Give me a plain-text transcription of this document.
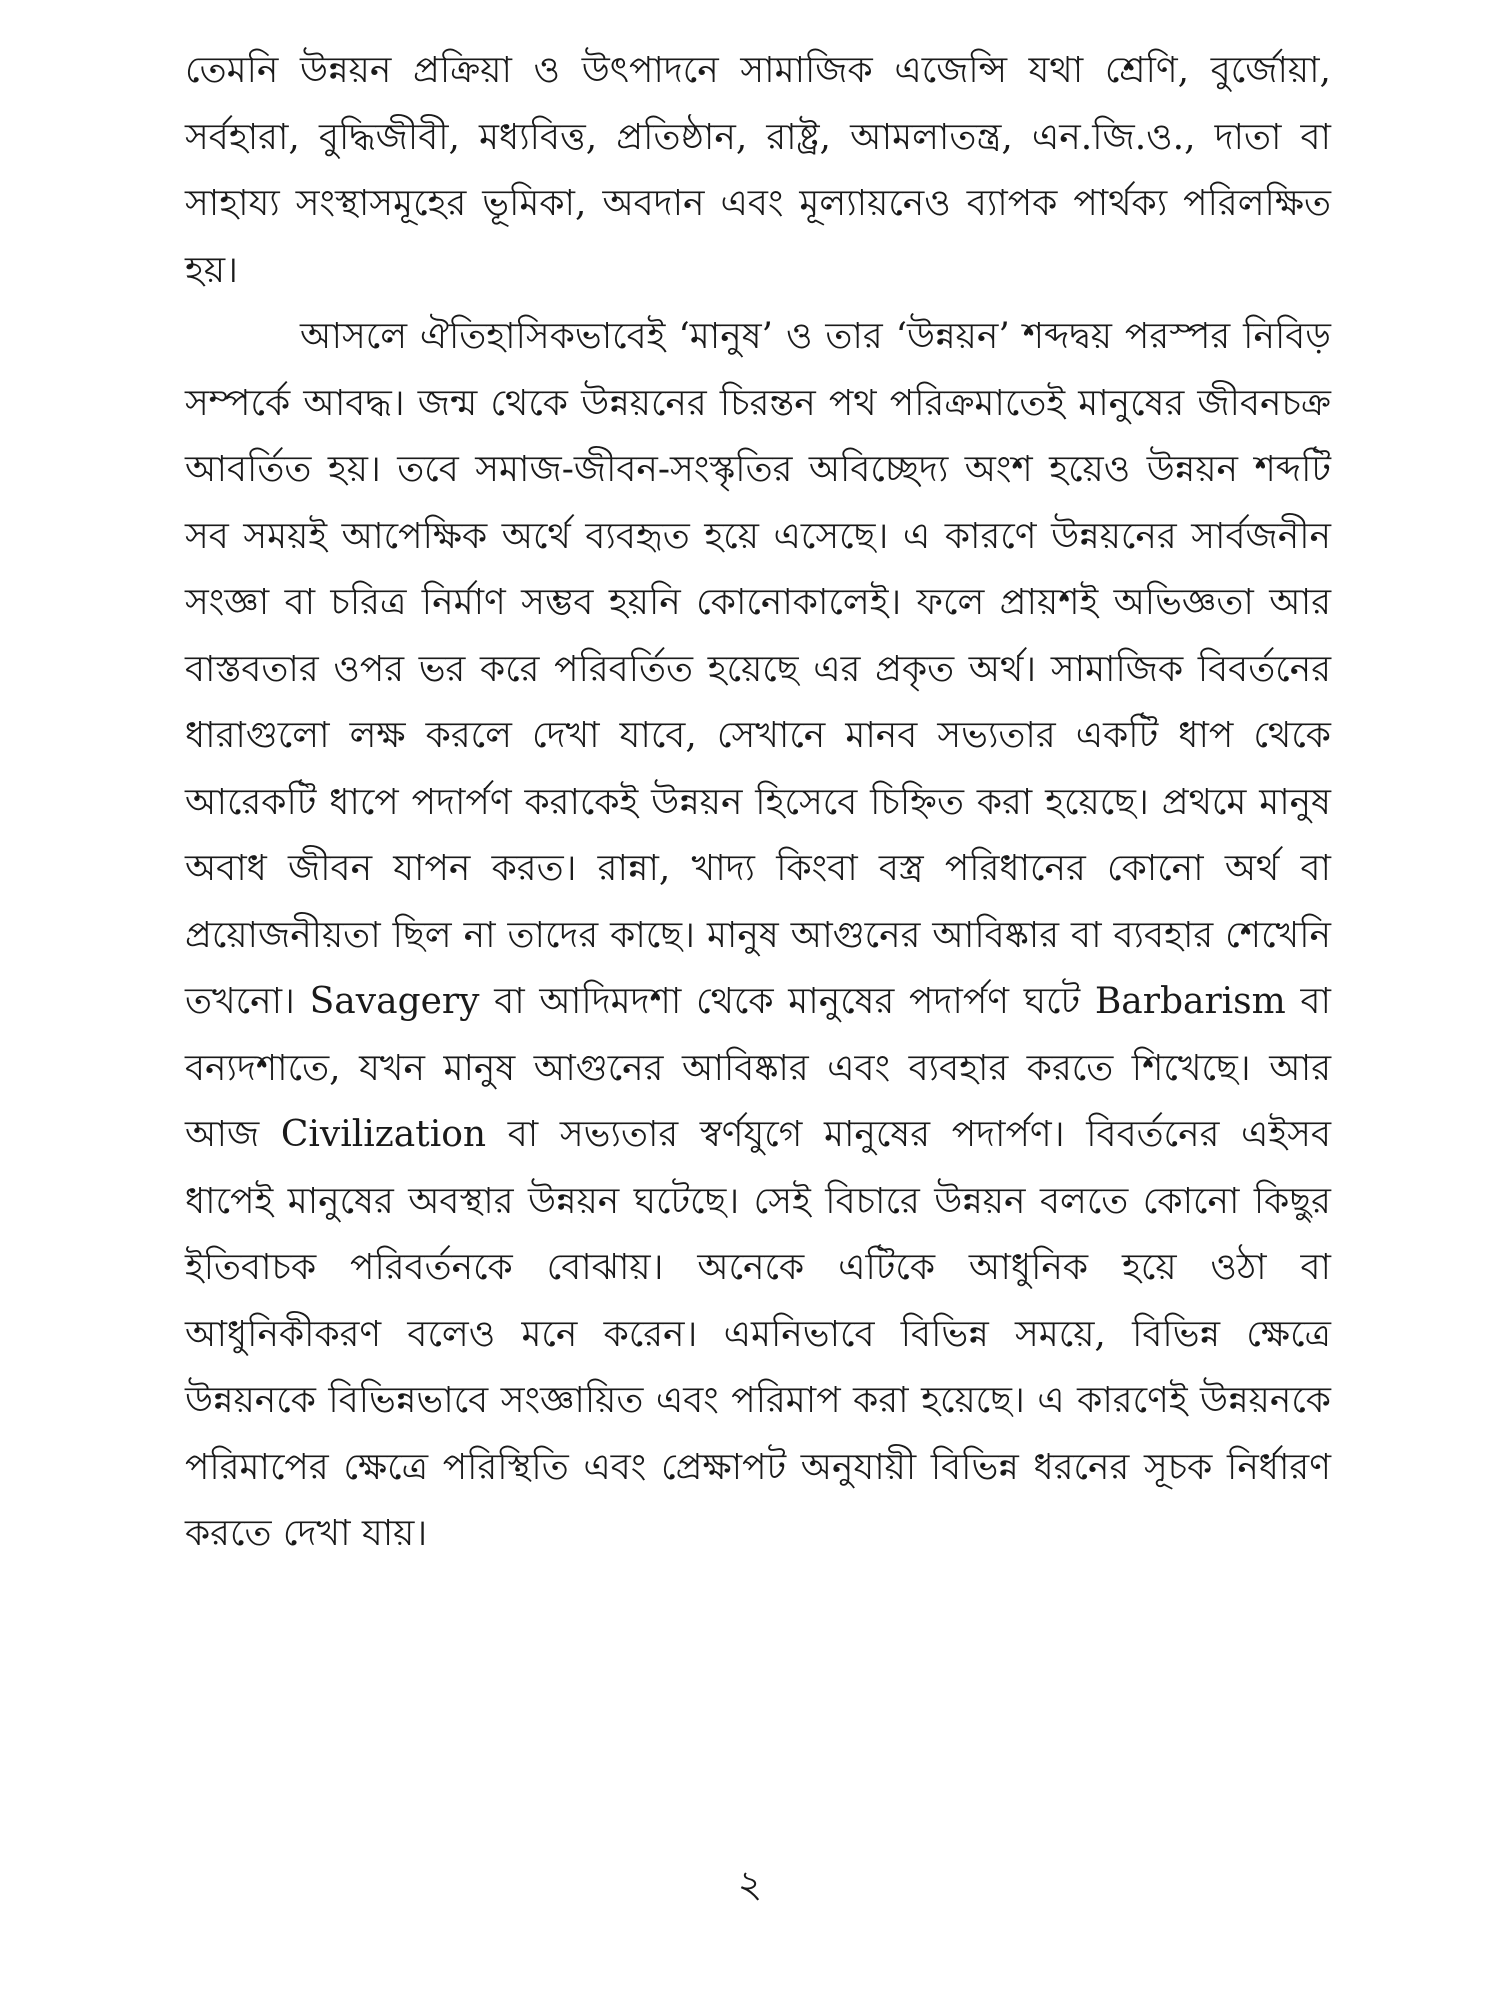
তেমনি উন্নয়ন প্রক্রিয়া ও উৎপাদনে সামাজিক এজেন্সি যথা শ্রেণি, বুর্জোয়া, সর্বহারা, বুদ্ধিজীবী, মধ্যবিত্ত, প্রতিষ্ঠান, রাষ্ট্র, আমলাতন্ত্র, এন.জি.ও., দাতা বা সাহায্য সংস্থাসমূহের ভূমিকা, অবদান এবং মূল্যায়নেও ব্যাপক পার্থক্য পরিলক্ষিত হয়।

আসলে ঐতিহাসিকভাবেই ‘মানুষ’ ও তার ‘উন্নয়ন’ শব্দদ্বয় পরস্পর নিবিড় সম্পর্কে আবদ্ধ। জন্ম থেকে উন্নয়নের চিরন্তন পথ পরিক্রমাতেই মানুষের জীবনচক্র আবর্তিত হয়। তবে সমাজ-জীবন-সংস্কৃতির অবিচ্ছেদ্য অংশ হয়েও উন্নয়ন শব্দটি সব সময়ই আপেক্ষিক অর্থে ব্যবহৃত হয়ে এসেছে। এ কারণে উন্নয়নের সার্বজনীন সংজ্ঞা বা চরিত্র নির্মাণ সম্ভব হয়নি কোনোকালেই। ফলে প্রায়শই অভিজ্ঞতা আর বাস্তবতার ওপর ভর করে পরিবর্তিত হয়েছে এর প্রকৃত অর্থ। সামাজিক বিবর্তনের ধারাগুলো লক্ষ করলে দেখা যাবে, সেখানে মানব সভ্যতার একটি ধাপ থেকে আরেকটি ধাপে পদার্পণ করাকেই উন্নয়ন হিসেবে চিহ্নিত করা হয়েছে। প্রথমে মানুষ অবাধ জীবন যাপন করত। রান্না, খাদ্য কিংবা বস্ত্র পরিধানের কোনো অর্থ বা প্রয়োজনীয়তা ছিল না তাদের কাছে। মানুষ আগুনের আবিষ্কার বা ব্যবহার শেখেনি তখনো। Savagery বা আদিমদশা থেকে মানুষের পদার্পণ ঘটে Barbarism বা বন্যদশাতে, যখন মানুষ আগুনের আবিষ্কার এবং ব্যবহার করতে শিখেছে। আর আজ Civilization বা সভ্যতার স্বর্ণযুগে মানুষের পদার্পণ। বিবর্তনের এইসব ধাপেই মানুষের অবস্থার উন্নয়ন ঘটেছে। সেই বিচারে উন্নয়ন বলতে কোনো কিছুর ইতিবাচক পরিবর্তনকে বোঝায়। অনেকে এটিকে আধুনিক হয়ে ওঠা বা আধুনিকীকরণ বলেও মনে করেন। এমনিভাবে বিভিন্ন সময়ে, বিভিন্ন ক্ষেত্রে উন্নয়নকে বিভিন্নভাবে সংজ্ঞায়িত এবং পরিমাপ করা হয়েছে। এ কারণেই উন্নয়নকে পরিমাপের ক্ষেত্রে পরিস্থিতি এবং প্রেক্ষাপট অনুযায়ী বিভিন্ন ধরনের সূচক নির্ধারণ করতে দেখা যায়।

২
